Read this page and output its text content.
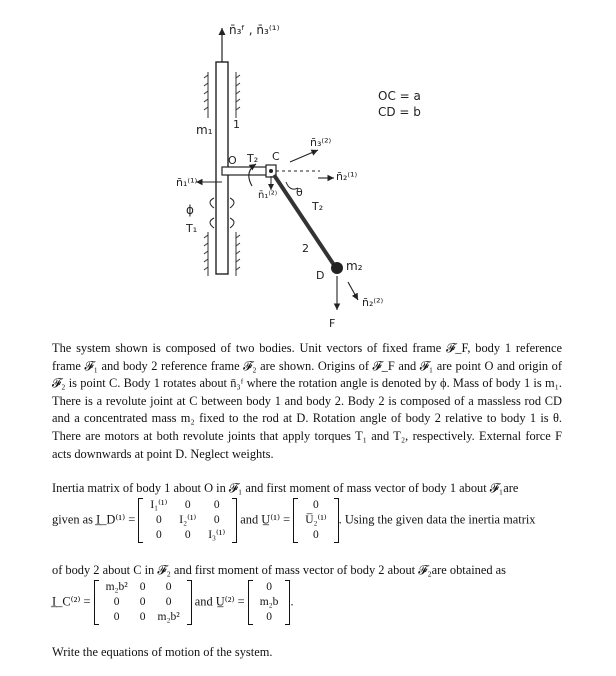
n̄₃ᶠ , n̄₃⁽¹⁾
m₁ 1
O T₂ C
n̄₁⁽¹⁾
n̄₁⁽²⁾
n̄₃⁽²⁾
n̄₂⁽¹⁾
θ
T₂
2
D
m₂
F
n̄₂⁽²⁾
ϕ
T₁
OC = a
CD = b
The system shown is composed of two bodies. Unit vectors of fixed frame 𝓕_F, body 1 reference frame 𝓕₁ and body 2 reference frame 𝓕₂ are shown. Origins of 𝓕_F and 𝓕₁ are point O and origin of 𝓕₂ is point C. Body 1 rotates about n̄₃ᶠ where the rotation angle is denoted by ϕ. Mass of body 1 is m₁. There is a revolute joint at C between body 1 and body 2. Body 2 is composed of a massless rod CD and a concentrated mass m₂ fixed to the rod at D. Rotation angle of body 2 relative to body 1 is θ. There are motors at both revolute joints that apply torques T₁ and T₂, respectively. External force F acts downwards at point D. Neglect weights.
Inertia matrix of body 1 about O in 𝓕₁ and first moment of mass vector of body 1 about 𝓕₁are
given as I̲_D⁽¹⁾ =
I₁⁽¹⁾	0	0
0	I₂⁽¹⁾	0
0	0	I₃⁽¹⁾
and U̲⁽¹⁾ =
0
U̅₂⁽¹⁾
0
. Using the given data the inertia matrix
of body 2 about C in 𝓕₂ and first moment of mass vector of body 2 about 𝓕₂are obtained as
I̲_C⁽²⁾ =
m₂b²	0	0
0	0	0
0	0	m₂b²
and U̲⁽²⁾ =
0
m₂b
0
.
Write the equations of motion of the system.
